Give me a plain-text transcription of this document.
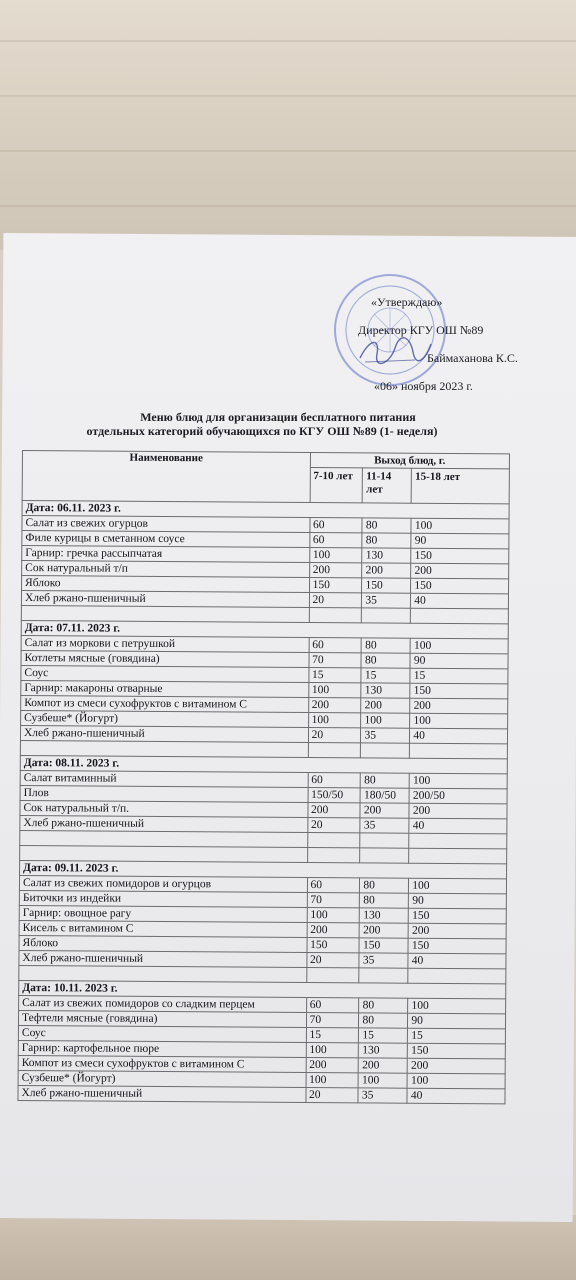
«Утверждаю»
Директор КГУ ОШ №89
Баймаханова К.С.
«06» ноября 2023 г.
Меню блюд для организации бесплатного питания
отдельных категорий обучающихся по КГУ ОШ №89 (1- неделя)
Наименование	Выход блюд, г.		
	7-10 лет	11-14 лет	15-18 лет
Дата: 06.11. 2023 г.			
Салат из свежих огурцов	60	80	100
Филе курицы в сметанном соусе	60	80	90
Гарнир: гречка рассыпчатая	100	130	150
Сок натуральный т/п	200	200	200
Яблоко	150	150	150
Хлеб ржано-пшеничный	20	35	40

Дата: 07.11. 2023 г.			
Салат из моркови с петрушкой	60	80	100
Котлеты мясные (говядина)	70	80	90
Соус	15	15	15
Гарнир: макароны отварные	100	130	150
Компот из смеси сухофруктов с витамином С	200	200	200
Сузбеше* (Йогурт)	100	100	100
Хлеб ржано-пшеничный	20	35	40

Дата: 08.11. 2023 г.			
Салат витаминный	60	80	100
Плов	150/50	180/50	200/50
Сок натуральный т/п.	200	200	200
Хлеб ржано-пшеничный	20	35	40

Дата: 09.11. 2023 г.			
Салат из свежих помидоров и огурцов	60	80	100
Биточки из индейки	70	80	90
Гарнир: овощное рагу	100	130	150
Кисель с витамином С	200	200	200
Яблоко	150	150	150
Хлеб ржано-пшеничный	20	35	40

Дата: 10.11. 2023 г.			
Салат из свежих помидоров со сладким перцем	60	80	100
Тефтели мясные (говядина)	70	80	90
Соус	15	15	15
Гарнир: картофельное пюре	100	130	150
Компот из смеси сухофруктов с витамином С	200	200	200
Сузбеше* (Йогурт)	100	100	100
Хлеб ржано-пшеничный	20	35	40
